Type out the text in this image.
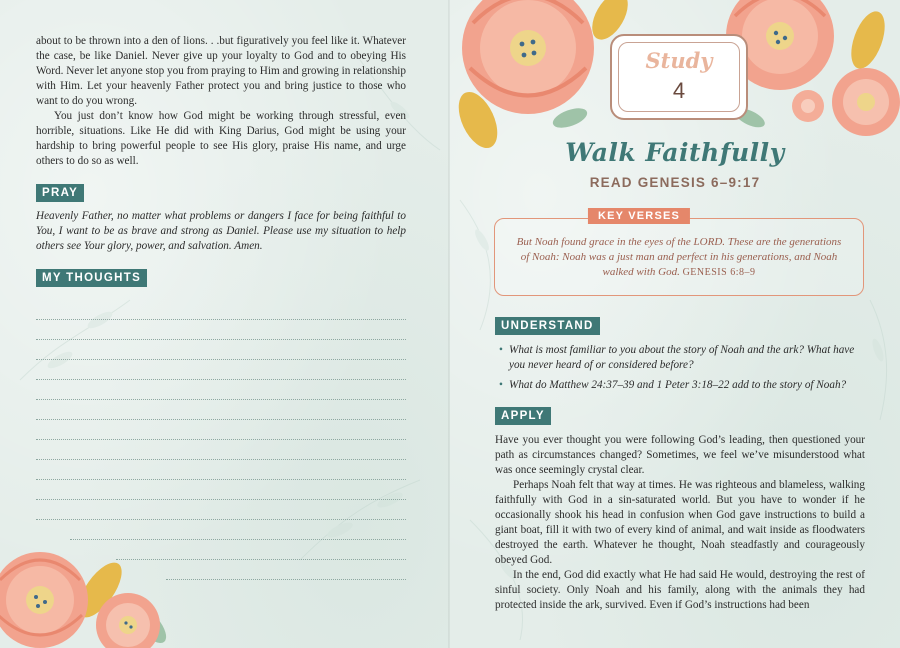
about to be thrown into a den of lions. . .but figuratively you feel like it. Whatever the case, be like Daniel. Never give up your loyalty to God and to obeying His Word. Never let anyone stop you from praying to Him and growing in relationship with Him. Let your heavenly Father protect you and bring justice to those who want to do you wrong.

You just don’t know how God might be working through stressful, even horrible, situations. Like He did with King Darius, God might be using your hardship to bring powerful people to see His glory, praise His name, and urge others to do so as well.

PRAY

Heavenly Father, no matter what problems or dangers I face for being faithful to You, I want to be as brave and strong as Daniel. Please use my situation to help others see Your glory, power, and salvation. Amen.

MY THOUGHTS
Study
4
Walk Faithfully
READ GENESIS 6–9:17
KEY VERSES
But Noah found grace in the eyes of the LORD. These are the generations of Noah: Noah was a just man and perfect in his generations, and Noah walked with God. GENESIS 6:8–9
UNDERSTAND
• What is most familiar to you about the story of Noah and the ark? What have you never heard of or considered before?
• What do Matthew 24:37–39 and 1 Peter 3:18–22 add to the story of Noah?
APPLY

Have you ever thought you were following God’s leading, then questioned your path as circumstances changed? Sometimes, we feel we’ve misunderstood what was once seemingly crystal clear.

Perhaps Noah felt that way at times. He was righteous and blameless, walking faithfully with God in a sin-saturated world. But you have to wonder if he occasionally shook his head in confusion when God gave instructions to build a giant boat, fill it with two of every kind of animal, and wait inside as floodwaters destroyed the earth. Whatever he thought, Noah steadfastly and courageously obeyed God.

In the end, God did exactly what He had said He would, destroying the rest of sinful society. Only Noah and his family, along with the animals they had protected inside the ark, survived. Even if God’s instructions had been
